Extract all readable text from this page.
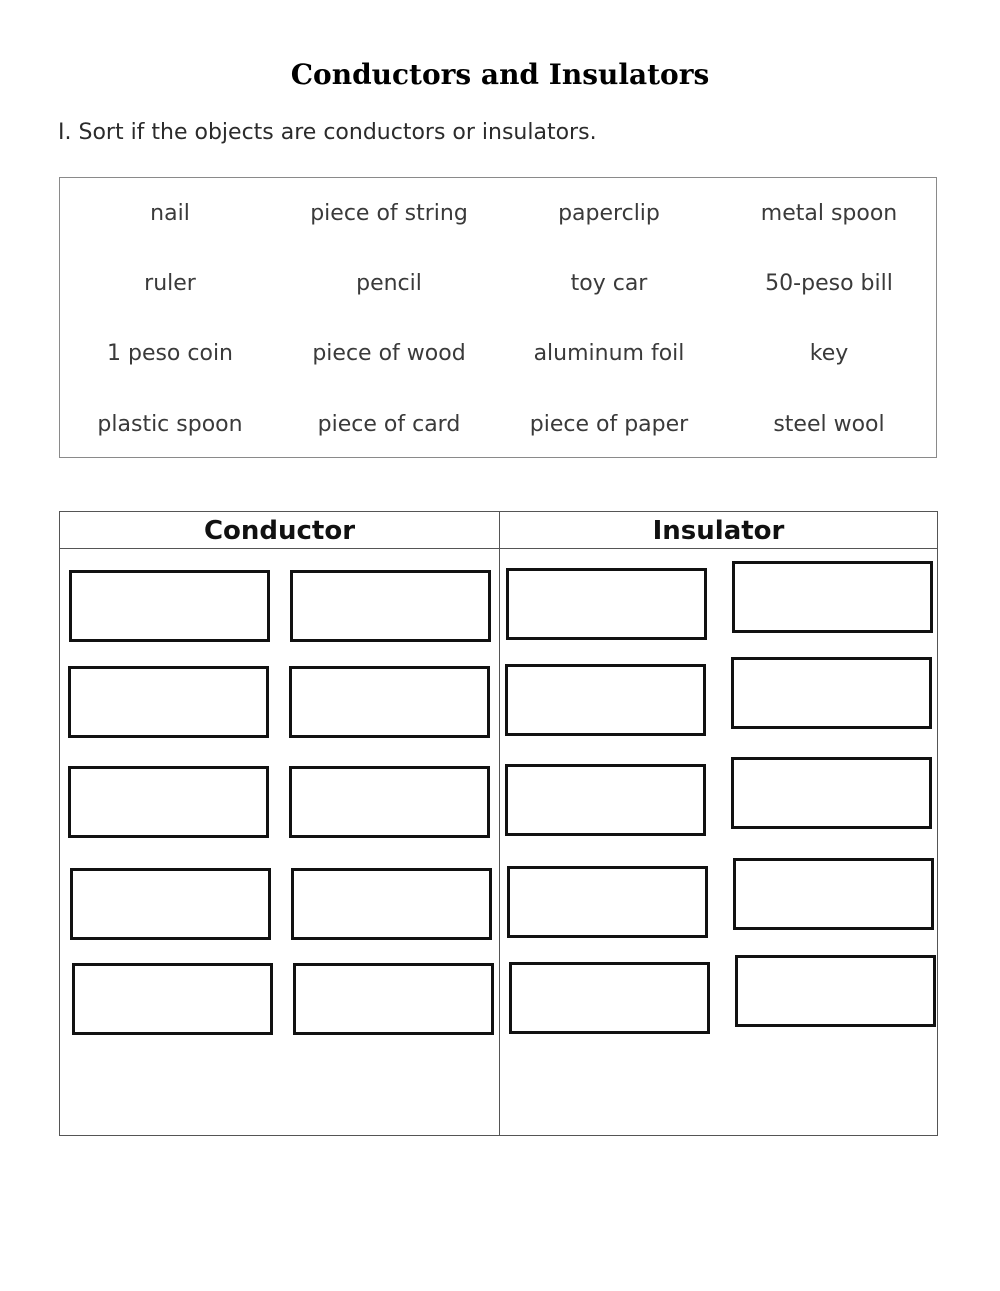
Conductors and Insulators

I. Sort if the objects are conductors or insulators.

nail	piece of string	paperclip	metal spoon
ruler	pencil	toy car	50-peso bill
1 peso coin	piece of wood	aluminum foil	key
plastic spoon	piece of card	piece of paper	steel wool
Conductor	Insulator
